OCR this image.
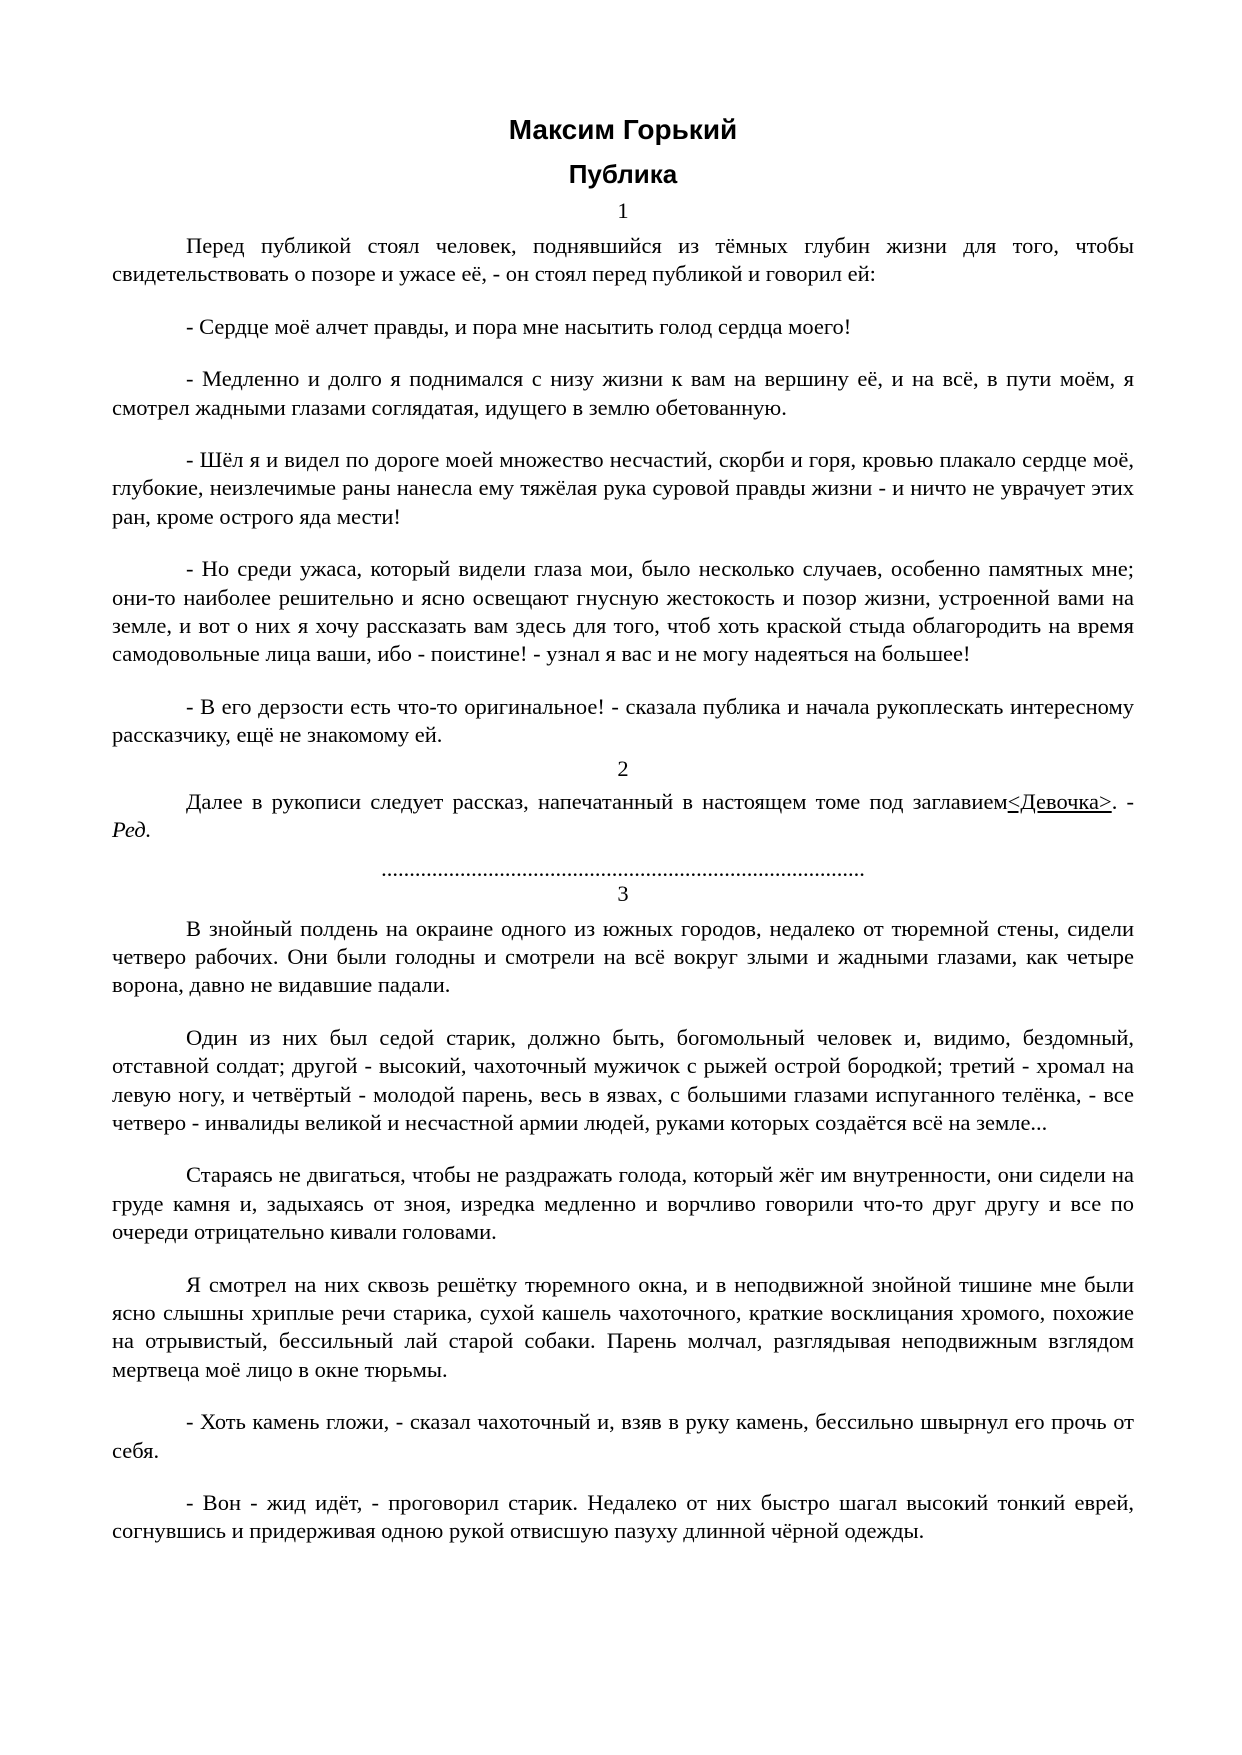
Максим Горький
Публика
1

Перед публикой стоял человек, поднявшийся из тёмных глубин жизни для того, чтобы свидетельствовать о позоре и ужасе её, - он стоял перед публикой и говорил ей:

- Сердце моё алчет правды, и пора мне насытить голод сердца моего!

- Медленно и долго я поднимался с низу жизни к вам на вершину её, и на всё, в пути моём, я смотрел жадными глазами соглядатая, идущего в землю обетованную.

- Шёл я и видел по дороге моей множество несчастий, скорби и горя, кровью плакало сердце моё, глубокие, неизлечимые раны нанесла ему тяжёлая рука суровой правды жизни - и ничто не уврачует этих ран, кроме острого яда мести!

- Но среди ужаса, который видели глаза мои, было несколько случаев, особенно памятных мне; они-то наиболее решительно и ясно освещают гнусную жестокость и позор жизни, устроенной вами на земле, и вот о них я хочу рассказать вам здесь для того, чтоб хоть краской стыда облагородить на время самодовольные лица ваши, ибо - поистине! - узнал я вас и не могу надеяться на большее!

- В его дерзости есть что-то оригинальное! - сказала публика и начала рукоплескать интересному рассказчику, ещё не знакомому ей.

2

Далее в рукописи следует рассказ, напечатанный в настоящем томе под заглавием<Девочка>. - Ред.

......................................................................................
3

В знойный полдень на окраине одного из южных городов, недалеко от тюремной стены, сидели четверо рабочих. Они были голодны и смотрели на всё вокруг злыми и жадными глазами, как четыре ворона, давно не видавшие падали.

Один из них был седой старик, должно быть, богомольный человек и, видимо, бездомный, отставной солдат; другой - высокий, чахоточный мужичок с рыжей острой бородкой; третий - хромал на левую ногу, и четвёртый - молодой парень, весь в язвах, с большими глазами испуганного телёнка, - все четверо - инвалиды великой и несчастной армии людей, руками которых создаётся всё на земле...

Стараясь не двигаться, чтобы не раздражать голода, который жёг им внутренности, они сидели на груде камня и, задыхаясь от зноя, изредка медленно и ворчливо говорили что-то друг другу и все по очереди отрицательно кивали головами.

Я смотрел на них сквозь решётку тюремного окна, и в неподвижной знойной тишине мне были ясно слышны хриплые речи старика, сухой кашель чахоточного, краткие восклицания хромого, похожие на отрывистый, бессильный лай старой собаки. Парень молчал, разглядывая неподвижным взглядом мертвеца моё лицо в окне тюрьмы.

- Хоть камень гложи, - сказал чахоточный и, взяв в руку камень, бессильно швырнул его прочь от себя.

- Вон - жид идёт, - проговорил старик. Недалеко от них быстро шагал высокий тонкий еврей, согнувшись и придерживая одною рукой отвисшую пазуху длинной чёрной одежды.
